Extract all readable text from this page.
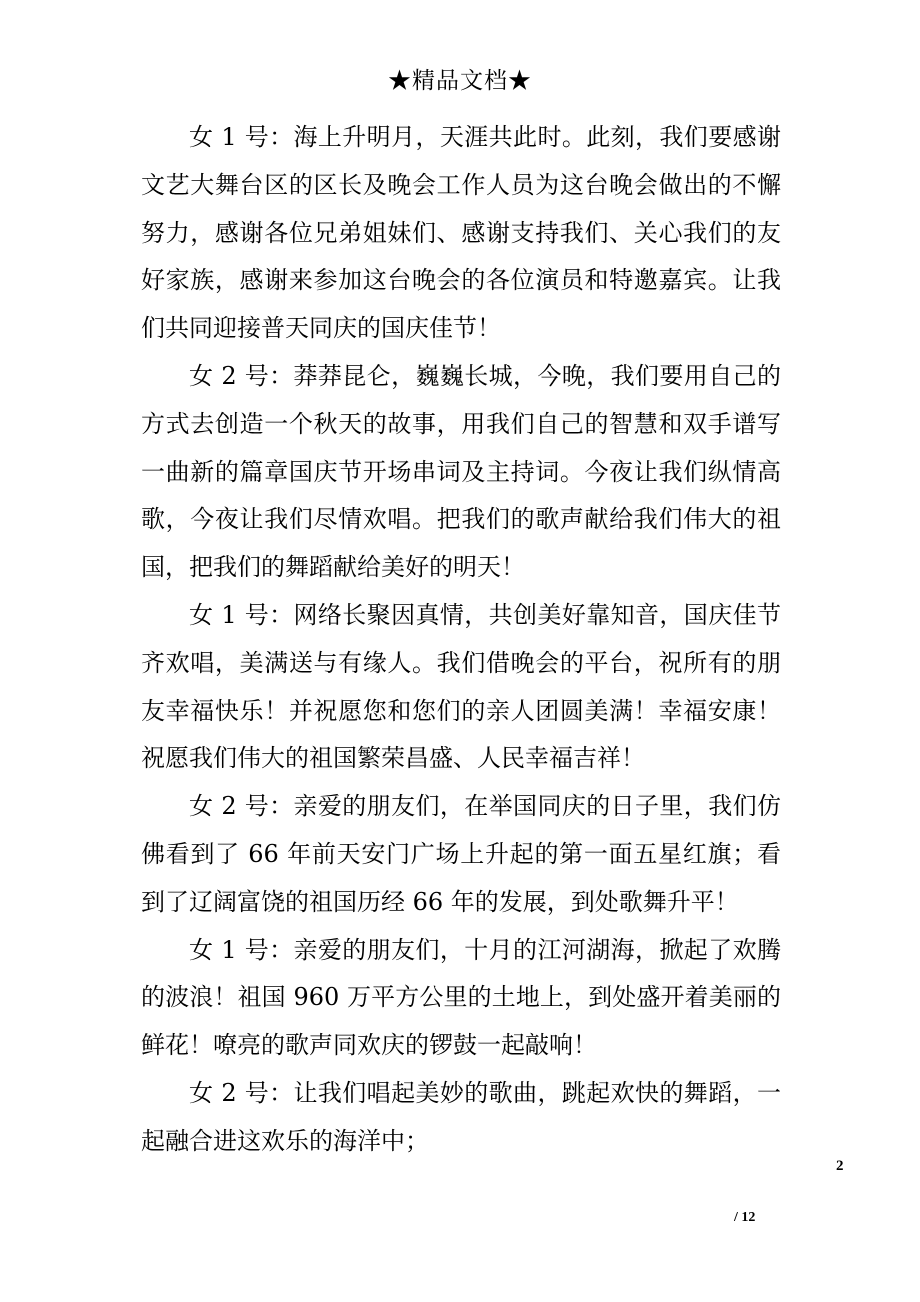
★精品文档★

女 1 号：海上升明月，天涯共此时。此刻，我们要感谢文艺大舞台区的区长及晚会工作人员为这台晚会做出的不懈努力，感谢各位兄弟姐妹们、感谢支持我们、关心我们的友好家族，感谢来参加这台晚会的各位演员和特邀嘉宾。让我们共同迎接普天同庆的国庆佳节！

女 2 号：莽莽昆仑，巍巍长城，今晚，我们要用自己的方式去创造一个秋天的故事，用我们自己的智慧和双手谱写一曲新的篇章国庆节开场串词及主持词。今夜让我们纵情高歌，今夜让我们尽情欢唱。把我们的歌声献给我们伟大的祖国，把我们的舞蹈献给美好的明天！

女 1 号：网络长聚因真情，共创美好靠知音，国庆佳节齐欢唱，美满送与有缘人。我们借晚会的平台，祝所有的朋友幸福快乐！并祝愿您和您们的亲人团圆美满！幸福安康！祝愿我们伟大的祖国繁荣昌盛、人民幸福吉祥！

女 2 号：亲爱的朋友们，在举国同庆的日子里，我们仿佛看到了 66 年前天安门广场上升起的第一面五星红旗；看到了辽阔富饶的祖国历经 66 年的发展，到处歌舞升平！

女 1 号：亲爱的朋友们，十月的江河湖海，掀起了欢腾的波浪！祖国 960 万平方公里的土地上，到处盛开着美丽的鲜花！嘹亮的歌声同欢庆的锣鼓一起敲响！

女 2 号：让我们唱起美妙的歌曲，跳起欢快的舞蹈，一起融合进这欢乐的海洋中；

2
/ 12
